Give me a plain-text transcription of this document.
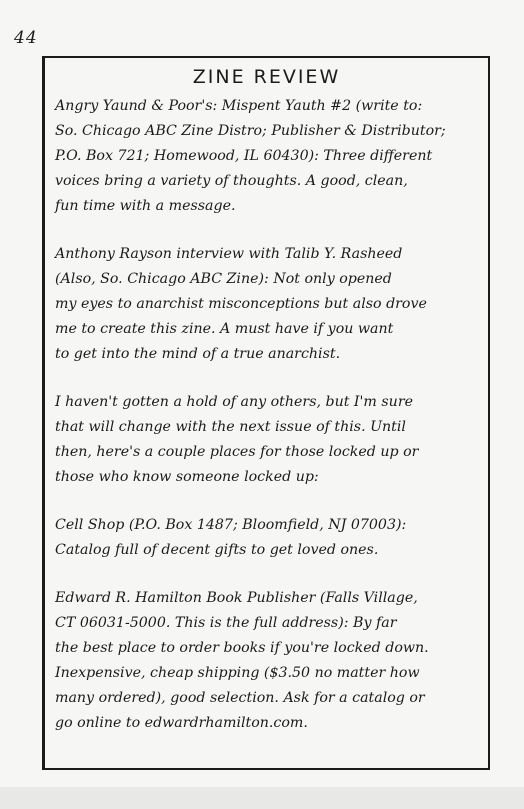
44
ZINE REVIEW
Angry Yaund & Poor's: Mispent Yauth #2 (write to:
So. Chicago ABC Zine Distro; Publisher & Distributor;
P.O. Box 721; Homewood, IL 60430): Three different
voices bring a variety of thoughts. A good, clean,
fun time with a message.
Anthony Rayson interview with Talib Y. Rasheed
(Also, So. Chicago ABC Zine): Not only opened
my eyes to anarchist misconceptions but also drove
me to create this zine. A must have if you want
to get into the mind of a true anarchist.
I haven't gotten a hold of any others, but I'm sure
that will change with the next issue of this. Until
then, here's a couple places for those locked up or
those who know someone locked up:
Cell Shop (P.O. Box 1487; Bloomfield, NJ 07003):
Catalog full of decent gifts to get loved ones.
Edward R. Hamilton Book Publisher (Falls Village,
CT 06031-5000. This is the full address): By far
the best place to order books if you're locked down.
Inexpensive, cheap shipping ($3.50 no matter how
many ordered), good selection. Ask for a catalog or
go online to edwardrhamilton.com.
